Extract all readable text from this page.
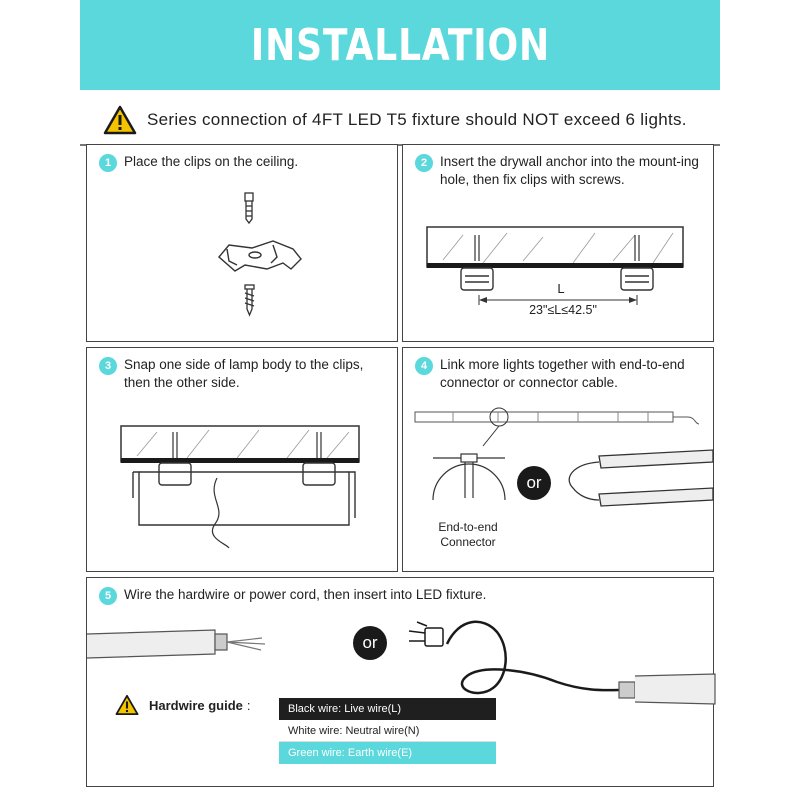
INSTALLATION
Series connection of 4FT LED T5 fixture should NOT exceed 6 lights.
1 Place the clips on the ceiling.	2 Insert the drywall anchor into the mount-ing hole, then fix clips with screws.
L
23"≤L≤42.5"
3 Snap one side of lamp body to the clips, then the other side.
4 Link more lights together with end-to-end connector or connector cable.
or
End-to-end
Connector
5 Wire the hardwire or power cord, then insert into LED fixture.
or
Hardwire guide :	Black wire: Live wire(L)
White wire: Neutral wire(N)
Green wire: Earth wire(E)
